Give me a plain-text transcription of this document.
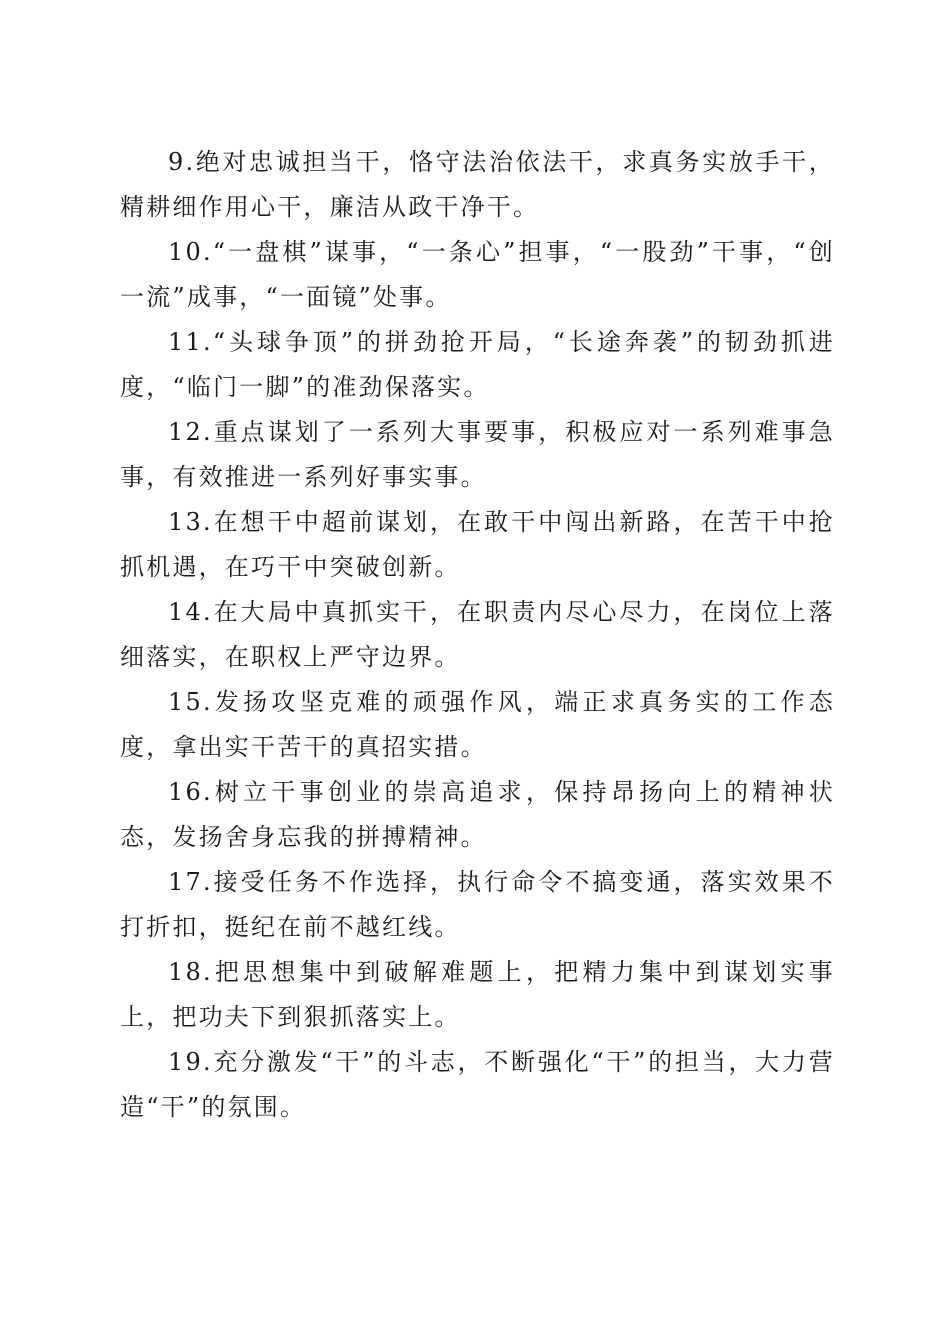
9.绝对忠诚担当干，恪守法治依法干，求真务实放手干，精耕细作用心干，廉洁从政干净干。

10.“一盘棋”谋事，“一条心”担事，“一股劲”干事，“创一流”成事，“一面镜”处事。

11.“头球争顶”的拼劲抢开局，“长途奔袭”的韧劲抓进度，“临门一脚”的准劲保落实。

12.重点谋划了一系列大事要事，积极应对一系列难事急事，有效推进一系列好事实事。

13.在想干中超前谋划，在敢干中闯出新路，在苦干中抢抓机遇，在巧干中突破创新。

14.在大局中真抓实干，在职责内尽心尽力，在岗位上落细落实，在职权上严守边界。

15.发扬攻坚克难的顽强作风，端正求真务实的工作态度，拿出实干苦干的真招实措。

16.树立干事创业的崇高追求，保持昂扬向上的精神状态，发扬舍身忘我的拼搏精神。

17.接受任务不作选择，执行命令不搞变通，落实效果不打折扣，挺纪在前不越红线。

18.把思想集中到破解难题上，把精力集中到谋划实事上，把功夫下到狠抓落实上。

19.充分激发“干”的斗志，不断强化“干”的担当，大力营造“干”的氛围。
